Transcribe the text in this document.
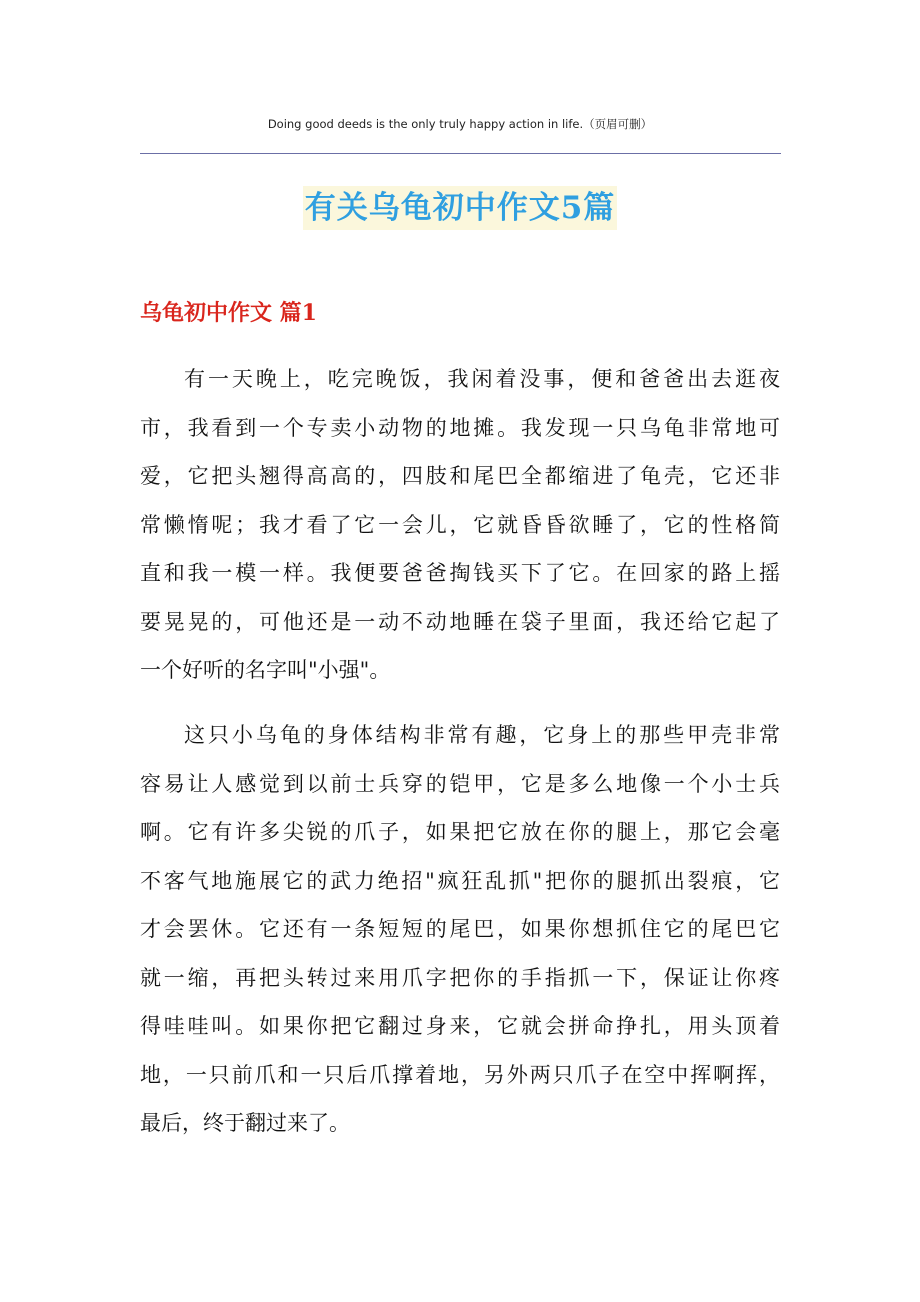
Doing good deeds is the only truly happy action in life.（页眉可删）
有关乌龟初中作文5篇
乌龟初中作文 篇1
有一天晚上，吃完晚饭，我闲着没事，便和爸爸出去逛夜
市，我看到一个专卖小动物的地摊。我发现一只乌龟非常地可
爱，它把头翘得高高的，四肢和尾巴全都缩进了龟壳，它还非
常懒惰呢；我才看了它一会儿，它就昏昏欲睡了，它的性格简
直和我一模一样。我便要爸爸掏钱买下了它。在回家的路上摇
要晃晃的，可他还是一动不动地睡在袋子里面，我还给它起了
一个好听的名字叫"小强"。
这只小乌龟的身体结构非常有趣，它身上的那些甲壳非常
容易让人感觉到以前士兵穿的铠甲，它是多么地像一个小士兵
啊。它有许多尖锐的爪子，如果把它放在你的腿上，那它会毫
不客气地施展它的武力绝招"疯狂乱抓"把你的腿抓出裂痕，它
才会罢休。它还有一条短短的尾巴，如果你想抓住它的尾巴它
就一缩，再把头转过来用爪字把你的手指抓一下，保证让你疼
得哇哇叫。如果你把它翻过身来，它就会拼命挣扎，用头顶着
地，一只前爪和一只后爪撑着地，另外两只爪子在空中挥啊挥，
最后，终于翻过来了。
